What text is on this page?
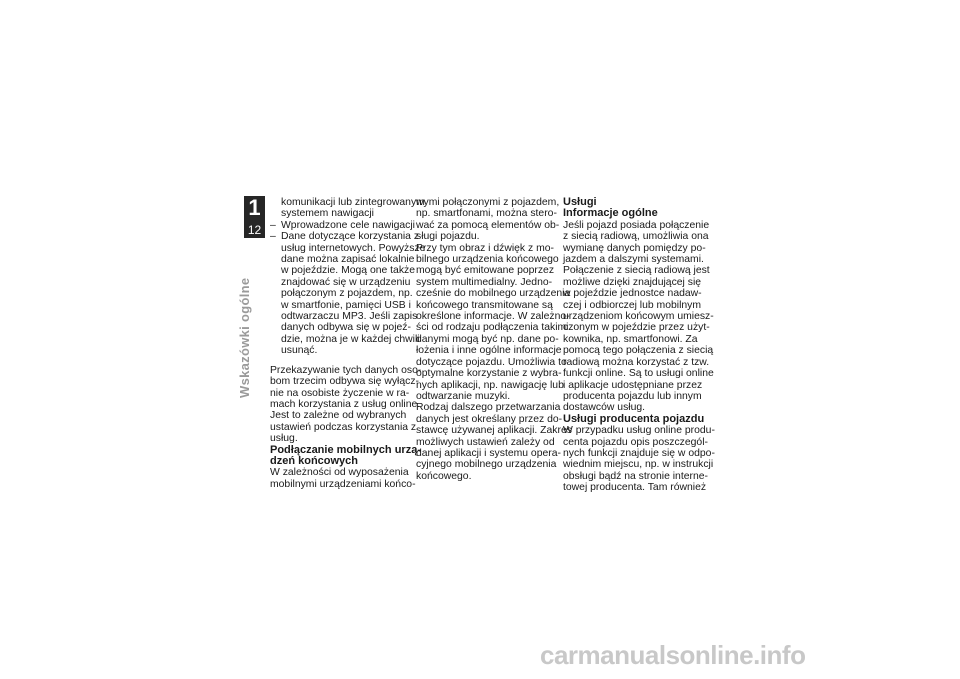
1
12
Wskazówki ogólne
komunikacji lub zintegrowanym
systemem nawigacji
– Wprowadzone cele nawigacji
– Dane dotyczące korzystania z
usług internetowych. Powyższe
dane można zapisać lokalnie
w pojeździe. Mogą one także
znajdować się w urządzeniu
połączonym z pojazdem, np.
w smartfonie, pamięci USB i
odtwarzaczu MP3. Jeśli zapis
danych odbywa się w pojeź-
dzie, można je w każdej chwili
usunąć.
Przekazywanie tych danych oso-
bom trzecim odbywa się wyłącz-
nie na osobiste życzenie w ra-
mach korzystania z usług online.
Jest to zależne od wybranych
ustawień podczas korzystania z
usług.
Podłączanie mobilnych urzą-
dzeń końcowych
W zależności od wyposażenia
mobilnymi urządzeniami końco-
wymi połączonymi z pojazdem,
np. smartfonami, można stero-
wać za pomocą elementów ob-
sługi pojazdu.
Przy tym obraz i dźwięk z mo-
bilnego urządzenia końcowego
mogą być emitowane poprzez
system multimedialny. Jedno-
cześnie do mobilnego urządzenia
końcowego transmitowane są
określone informacje. W zależno-
ści od rodzaju podłączenia takimi
danymi mogą być np. dane po-
łożenia i inne ogólne informacje
dotyczące pojazdu. Umożliwia to
optymalne korzystanie z wybra-
nych aplikacji, np. nawigację lub
odtwarzanie muzyki.
Rodzaj dalszego przetwarzania
danych jest określany przez do-
stawcę używanej aplikacji. Zakres
możliwych ustawień zależy od
danej aplikacji i systemu opera-
cyjnego mobilnego urządzenia
końcowego.
Usługi
Informacje ogólne
Jeśli pojazd posiada połączenie
z siecią radiową, umożliwia ona
wymianę danych pomiędzy po-
jazdem a dalszymi systemami.
Połączenie z siecią radiową jest
możliwe dzięki znajdującej się
w pojeździe jednostce nadaw-
czej i odbiorczej lub mobilnym
urządzeniom końcowym umiesz-
czonym w pojeździe przez użyt-
kownika, np. smartfonowi. Za
pomocą tego połączenia z siecią
radiową można korzystać z tzw.
funkcji online. Są to usługi online
i aplikacje udostępniane przez
producenta pojazdu lub innym
dostawców usług.
Usługi producenta pojazdu
W przypadku usług online produ-
centa pojazdu opis poszczegól-
nych funkcji znajduje się w odpo-
wiednim miejscu, np. w instrukcji
obsługi bądź na stronie interne-
towej producenta. Tam również
carmanualsonline.info
